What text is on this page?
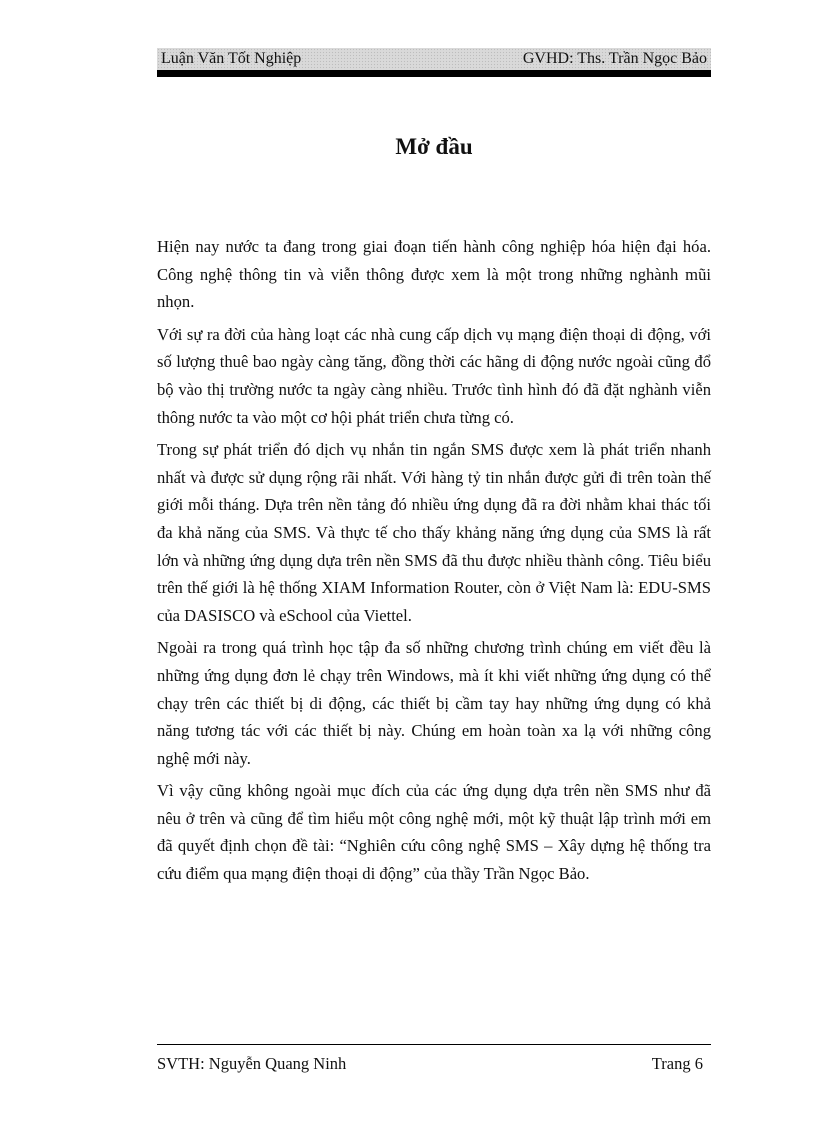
Luận Văn Tốt Nghiệp	GVHD: Ths. Trần Ngọc Bảo
Mở đầu

Hiện nay nước ta đang trong giai đoạn tiến hành công nghiệp hóa hiện đại hóa. Công nghệ thông tin và viễn thông được xem là một trong những nghành mũi nhọn.

Với sự ra đời của hàng loạt các nhà cung cấp dịch vụ mạng điện thoại di động, với số lượng thuê bao ngày càng tăng, đồng thời các hãng di động nước ngoài cũng đổ bộ vào thị trường nước ta ngày càng nhiều. Trước tình hình đó đã đặt nghành viễn thông nước ta vào một cơ hội phát triển chưa từng có.

Trong sự phát triển đó dịch vụ nhắn tin ngắn SMS được xem là phát triển nhanh nhất và được sử dụng rộng rãi nhất. Với hàng tỷ tin nhắn được gửi đi trên toàn thế giới mỗi tháng. Dựa trên nền tảng đó nhiều ứng dụng đã ra đời nhằm khai thác tối đa khả năng của SMS. Và thực tế cho thấy khảng năng ứng dụng của SMS là rất lớn và những ứng dụng dựa trên nền SMS đã thu được nhiều thành công. Tiêu biểu trên thế giới là hệ thống XIAM Information Router, còn ở Việt Nam là: EDU-SMS của DASISCO và eSchool của Viettel.

Ngoài ra trong quá trình học tập đa số những chương trình chúng em viết đều là những ứng dụng đơn lẻ chạy trên Windows, mà ít khi viết những ứng dụng có thể chạy trên các thiết bị di động, các thiết bị cầm tay hay những ứng dụng có khả năng tương tác với các thiết bị này. Chúng em hoàn toàn xa lạ với những công nghệ mới này.

Vì vậy cũng không ngoài mục đích của các ứng dụng dựa trên nền SMS như đã nêu ở trên và cũng để tìm hiểu một công nghệ mới, một kỹ thuật lập trình mới em đã quyết định chọn đề tài: “Nghiên cứu công nghệ SMS – Xây dựng hệ thống tra cứu điểm qua mạng điện thoại di động” của thầy Trần Ngọc Bảo.

SVTH: Nguyễn Quang Ninh	Trang 6
